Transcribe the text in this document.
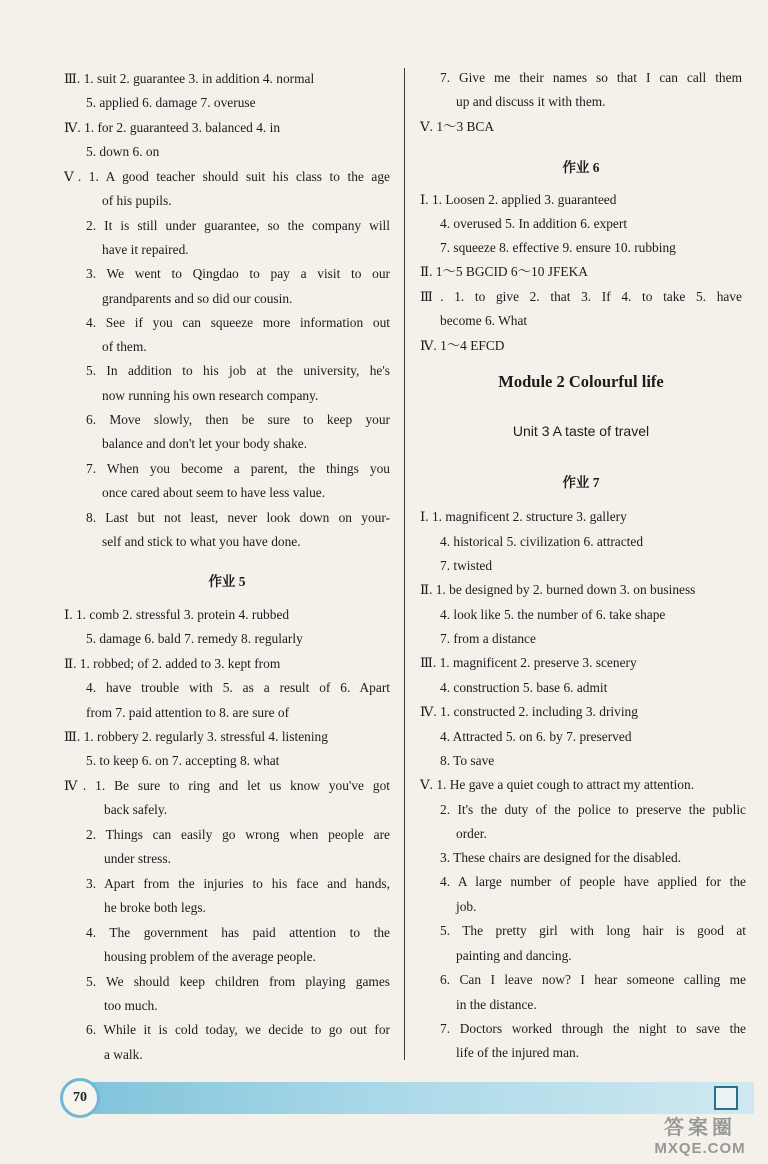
Ⅲ. 1. suit 2. guarantee 3. in addition 4. normal
5. applied 6. damage 7. overuse
Ⅳ. 1. for 2. guaranteed 3. balanced 4. in
5. down 6. on
Ⅴ. 1. A good teacher should suit his class to the age
of his pupils.
2. It is still under guarantee, so the company will
have it repaired.
3. We went to Qingdao to pay a visit to our
grandparents and so did our cousin.
4. See if you can squeeze more information out
of them.
5. In addition to his job at the university, he's
now running his own research company.
6. Move slowly, then be sure to keep your
balance and don't let your body shake.
7. When you become a parent, the things you
once cared about seem to have less value.
8. Last but not least, never look down on your-
self and stick to what you have done.
作业 5
Ⅰ. 1. comb 2. stressful 3. protein 4. rubbed
5. damage 6. bald 7. remedy 8. regularly
Ⅱ. 1. robbed; of 2. added to 3. kept from
4. have trouble with 5. as a result of 6. Apart
from 7. paid attention to 8. are sure of
Ⅲ. 1. robbery 2. regularly 3. stressful 4. listening
5. to keep 6. on 7. accepting 8. what
Ⅳ. 1. Be sure to ring and let us know you've got
back safely.
2. Things can easily go wrong when people are
under stress.
3. Apart from the injuries to his face and hands,
he broke both legs.
4. The government has paid attention to the
housing problem of the average people.
5. We should keep children from playing games
too much.
6. While it is cold today, we decide to go out for
a walk.
7. Give me their names so that I can call them
up and discuss it with them.
Ⅴ. 1～3 BCA
作业 6
Ⅰ. 1. Loosen 2. applied 3. guaranteed
4. overused 5. In addition 6. expert
7. squeeze 8. effective 9. ensure 10. rubbing
Ⅱ. 1～5 BGCID 6～10 JFEKA
Ⅲ. 1. to give 2. that 3. If 4. to take 5. have
become 6. What
Ⅳ. 1～4 EFCD
Module 2 Colourful life
Unit 3 A taste of travel
作业 7
Ⅰ. 1. magnificent 2. structure 3. gallery
4. historical 5. civilization 6. attracted
7. twisted
Ⅱ. 1. be designed by 2. burned down 3. on business
4. look like 5. the number of 6. take shape
7. from a distance
Ⅲ. 1. magnificent 2. preserve 3. scenery
4. construction 5. base 6. admit
Ⅳ. 1. constructed 2. including 3. driving
4. Attracted 5. on 6. by 7. preserved
8. To save
Ⅴ. 1. He gave a quiet cough to attract my attention.
2. It's the duty of the police to preserve the public
order.
3. These chairs are designed for the disabled.
4. A large number of people have applied for the
job.
5. The pretty girl with long hair is good at
painting and dancing.
6. Can I leave now? I hear someone calling me
in the distance.
7. Doctors worked through the night to save the
life of the injured man.
70
答案圈
MXQE.COM
